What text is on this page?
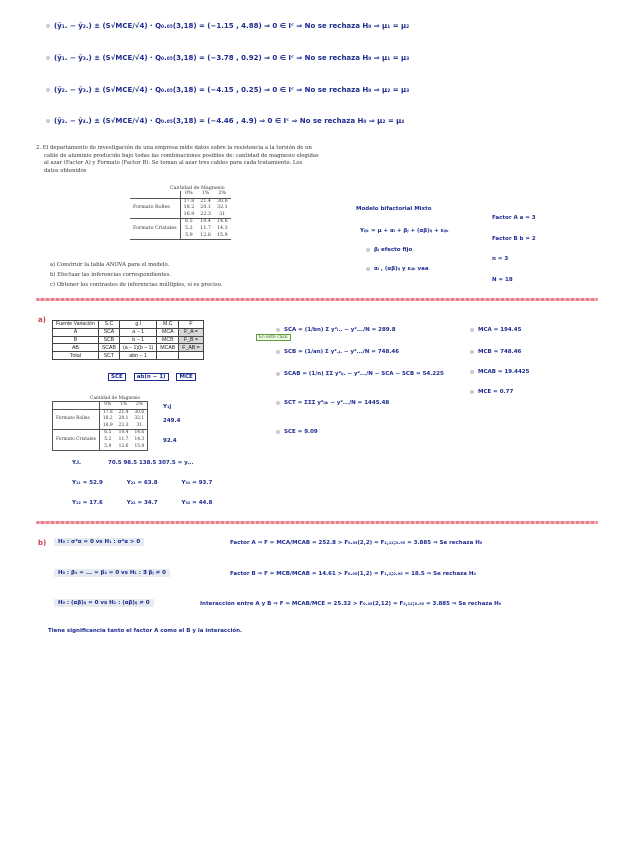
(ȳ₁. − ȳ₂.) ± (S√MCE/√4) · Q₀.₀₅(3,18) = (−1.15 , 4.88) ⇒ 0 ∈ Iᶜ ⇒ No se rechaza H₀ ⇒ μ₁ = μ₂
(ȳ₁. − ȳ₃.) ± (S√MCE/√4) · Q₀.₀₅(3,18) = (−3.78 , 0.92) ⇒ 0 ∈ Iᶜ ⇒ No se rechaza H₀ ⇒ μ₁ = μ₃
(ȳ₂. − ȳ₃.) ± (S√MCE/√4) · Q₀.₀₅(3,18) = (−4.15 , 0.25) ⇒ 0 ∈ Iᶜ ⇒ No se rechaza H₀ ⇒ μ₂ = μ₃
(ȳ₂. − ȳ₄.) ± (S√MCE/√4) · Q₀.₀₅(3,18) = (−4.46 , 4.9) ⇒ 0 ∈ Iᶜ ⇒ No se rechaza H₀ ⇒ μ₂ = μ₄
2. El departamento de investigación de una empresa mide datos sobre la resistencia a la torsión de un
cable de aluminio producido bajo todas las combinaciones posibles de: cantidad de magnesio elegidas
al azar (Factor A) y Formato (Factor B). Se toman al azar tres cables para cada tratamiento. Los
datos obtenidos
Cantidad de Magnesio
	0%	1%	2%
	17.8	21.4	30.6
Formato Rolles	18.2	20.1	32.1
	16.9	22.3	31
	6.5	10.4	14.6
Formato Cristales	5.2	11.7	14.3
	5.9	12.6	15.9
a) Construir la tabla ANOVA para el modelo.
b) Efectuar las inferencias correspondientes.
c) Obtener los contrastes de inferencias múltiples, si es preciso.
Modelo bifactorial Mixto
Yᵢⱼₖ = μ + αᵢ + βⱼ + (αβ)ᵢⱼ + εᵢⱼₖ
βⱼ efecto fijo
αᵢ , (αβ)ᵢⱼ y εᵢⱼₖ vaa
Factor A a = 3
Factor B b = 2
n = 3
N = 18
a)
Fuente Variación	S.C	g.l	M.C	F
A	SCA	a − 1	MCA	F_A =
B	SCB	b − 1	MCB	F_B =
AB	SCAB	(a − 1)(b − 1)	MCAB	F_AB =
Total	SCT	abn − 1		
SCE	ab(n − 1)	MCE
En este caso
Cantidad de Magnesio
	0%	1%	2%
	17.8	21.4	30.6
Formato Rolles	18.2	20.1	32.1
	16.9	22.3	31
	6.5	10.4	14.6
Formato Cristales	5.2	11.7	14.3
	5.9	12.6	15.9
Y₁j
249.4
92.4
Y.i.	70.5 98.5 138.5 307.5 = y...
Y₁₁ = 52.9	Y₂₁ = 63.8	Y₃₁ = 93.7
Y₁₂ = 17.6	Y₂₂ = 34.7	Y₃₂ = 44.8
SCA = (1/bn) Σ y²ᵢ.. − y².../N = 289.8
SCB = (1/an) Σ y².ⱼ. − y².../N = 748.46
SCAB = (1/n) ΣΣ y²ᵢⱼ. − y².../N − SCA − SCB = 54.225
SCT = ΣΣΣ y²ᵢⱼₖ − y².../N = 1445.48
SCE = 9.09
MCA = 194.45
MCB = 748.46
MCAB = 19.4425
MCE = 0.77
b)	H₀ : σ²α = 0 vs H₁ : σ²α > 0	Factor A ⇒ F = MCA/MCAB = 252.8 > F₀.₀₅(2,2) = F₂,₁₂;₀.₉₅ = 3.885 ⇒ Se rechaza H₀
H₀ : β₁ = ... = β₂ = 0 vs H₁ : ∃ βⱼ ≠ 0	Factor B ⇒ F = MCB/MCAB = 14.61 > F₀.₀₅(1,2) = F₁,₂;₀.₉₅ = 18.5 ⇒ Se rechaza H₀
H₀ : (αβ)ᵢⱼ = 0 vs H₁ : (αβ)ᵢⱼ ≠ 0	Interacción entre A y B ⇒ F = MCAB/MCE = 25.32 > F₀.₀₅(2,12) = F₂,₁₂;₀.₉₅ = 3.885 ⇒ Se rechaza H₀
Tiene significancia tanto el factor A como el B y la interacción.
